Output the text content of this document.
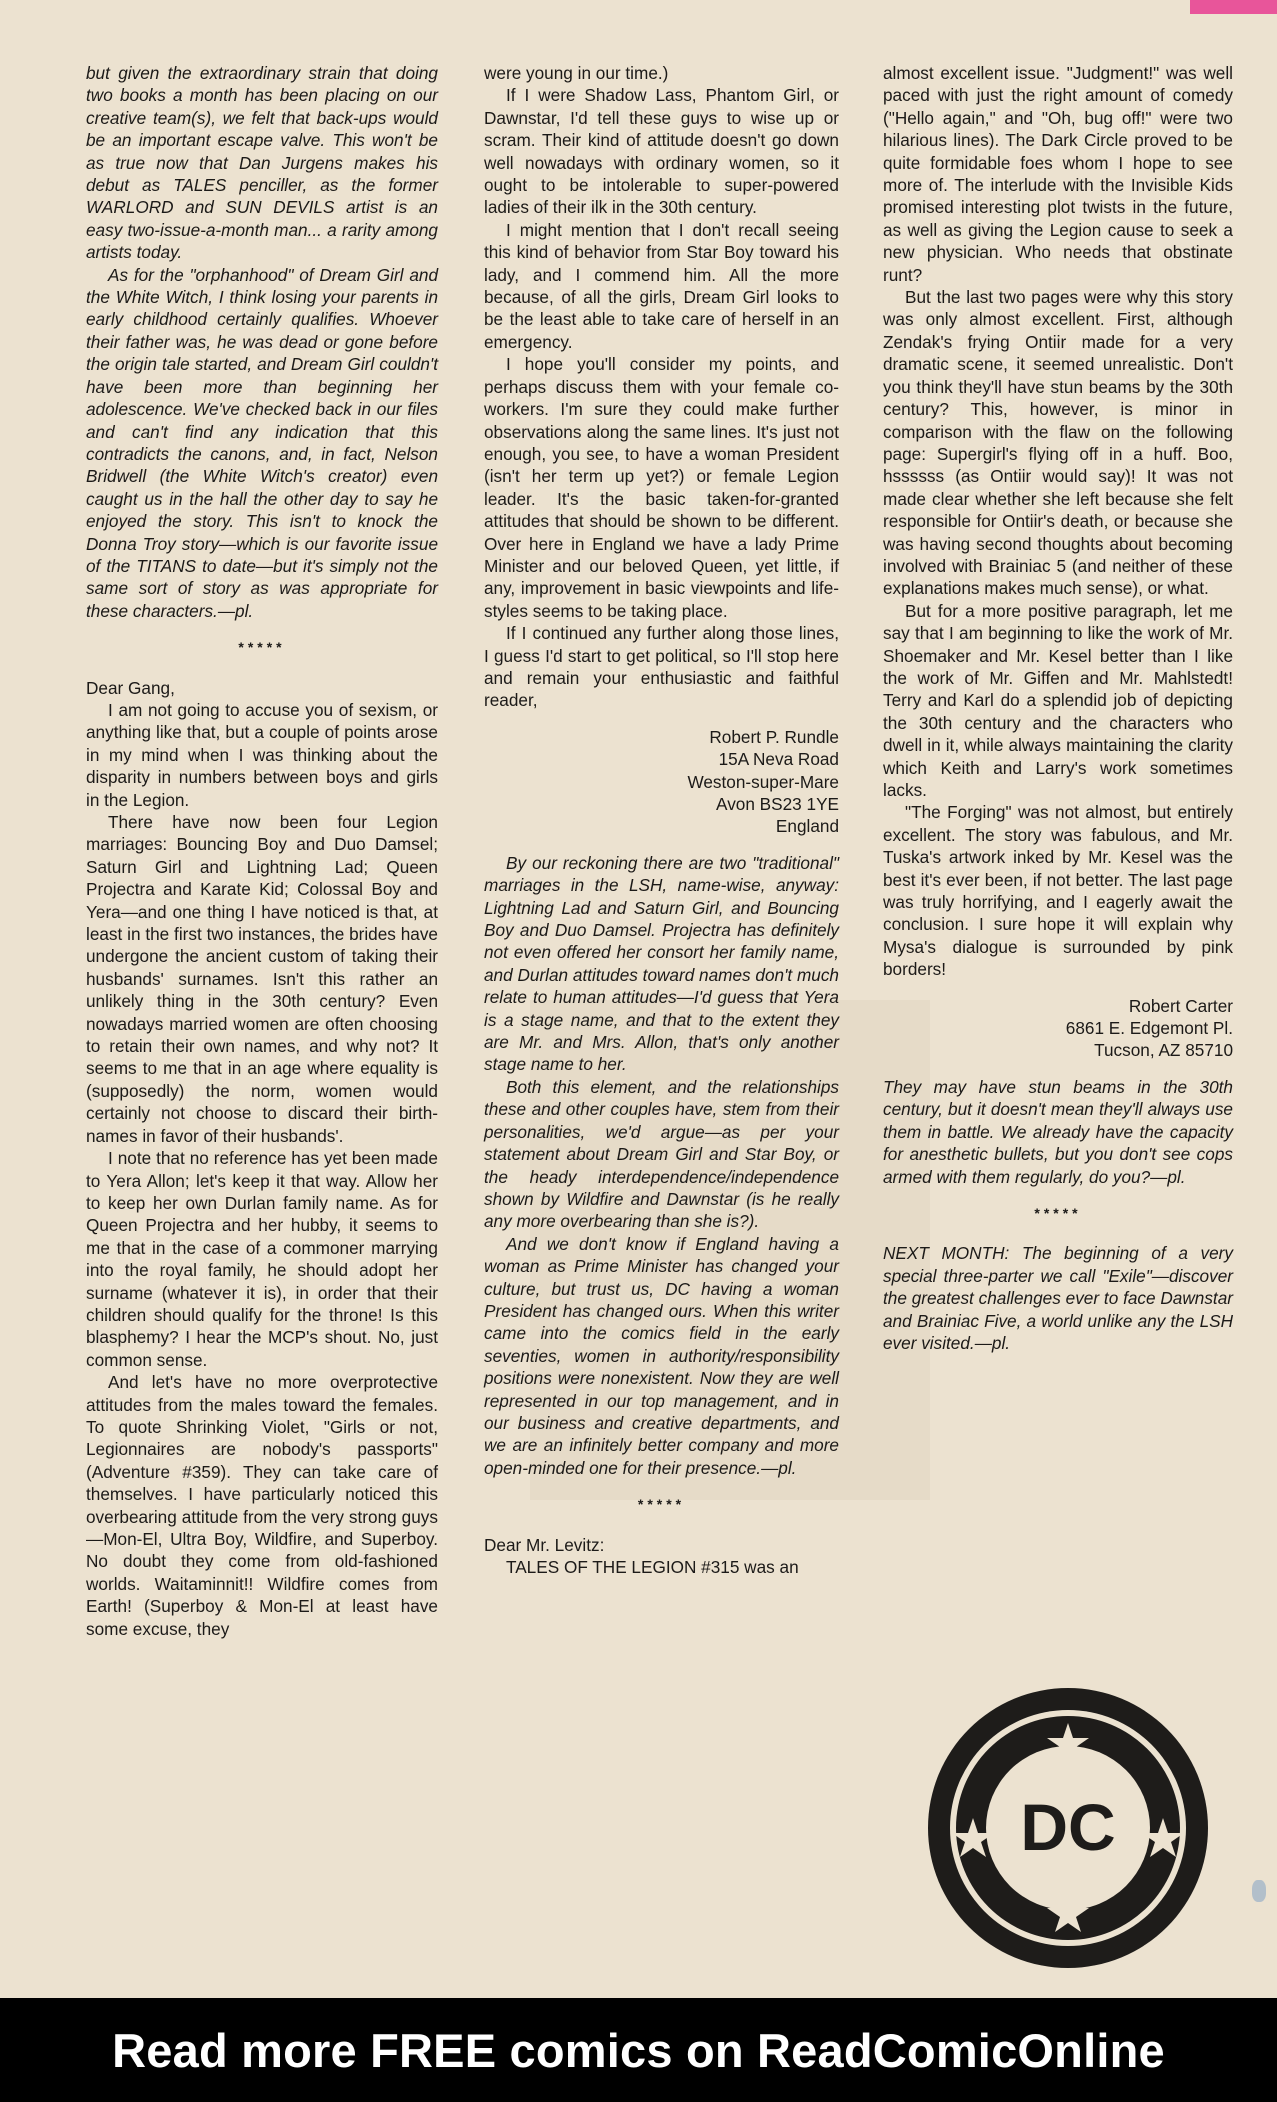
but given the extraordinary strain that doing two books a month has been placing on our creative team(s), we felt that back-ups would be an important escape valve. This won't be as true now that Dan Jurgens makes his debut as TALES penciller, as the former WARLORD and SUN DEVILS artist is an easy two-issue-a-month man... a rarity among artists today.

As for the "orphanhood" of Dream Girl and the White Witch, I think losing your parents in early childhood certainly qualifies. Whoever their father was, he was dead or gone before the origin tale started, and Dream Girl couldn't have been more than beginning her adolescence. We've checked back in our files and can't find any indication that this contradicts the canons, and, in fact, Nelson Bridwell (the White Witch's creator) even caught us in the hall the other day to say he enjoyed the story. This isn't to knock the Donna Troy story—which is our favorite issue of the TITANS to date—but it's simply not the same sort of story as was appropriate for these characters.—pl.

*****

Dear Gang,

I am not going to accuse you of sexism, or anything like that, but a couple of points arose in my mind when I was thinking about the disparity in numbers between boys and girls in the Legion.

There have now been four Legion marriages: Bouncing Boy and Duo Damsel; Saturn Girl and Lightning Lad; Queen Projectra and Karate Kid; Colossal Boy and Yera—and one thing I have noticed is that, at least in the first two instances, the brides have undergone the ancient custom of taking their husbands' surnames. Isn't this rather an unlikely thing in the 30th century? Even nowadays married women are often choosing to retain their own names, and why not? It seems to me that in an age where equality is (supposedly) the norm, women would certainly not choose to discard their birth-names in favor of their husbands'.

I note that no reference has yet been made to Yera Allon; let's keep it that way. Allow her to keep her own Durlan family name. As for Queen Projectra and her hubby, it seems to me that in the case of a commoner marrying into the royal family, he should adopt her surname (whatever it is), in order that their children should qualify for the throne! Is this blasphemy? I hear the MCP's shout. No, just common sense.

And let's have no more overprotective attitudes from the males toward the females. To quote Shrinking Violet, "Girls or not, Legionnaires are nobody's passports" (Adventure #359). They can take care of themselves. I have particularly noticed this overbearing attitude from the very strong guys—Mon-El, Ultra Boy, Wildfire, and Superboy. No doubt they come from old-fashioned worlds. Waitaminnit!! Wildfire comes from Earth! (Superboy & Mon-El at least have some excuse, they

were young in our time.)

If I were Shadow Lass, Phantom Girl, or Dawnstar, I'd tell these guys to wise up or scram. Their kind of attitude doesn't go down well nowadays with ordinary women, so it ought to be intolerable to super-powered ladies of their ilk in the 30th century.

I might mention that I don't recall seeing this kind of behavior from Star Boy toward his lady, and I commend him. All the more because, of all the girls, Dream Girl looks to be the least able to take care of herself in an emergency.

I hope you'll consider my points, and perhaps discuss them with your female co-workers. I'm sure they could make further observations along the same lines. It's just not enough, you see, to have a woman President (isn't her term up yet?) or female Legion leader. It's the basic taken-for-granted attitudes that should be shown to be different. Over here in England we have a lady Prime Minister and our beloved Queen, yet little, if any, improvement in basic viewpoints and life-styles seems to be taking place.

If I continued any further along those lines, I guess I'd start to get political, so I'll stop here and remain your enthusiastic and faithful reader,

Robert P. Rundle
15A Neva Road
Weston-super-Mare
Avon BS23 1YE
England

By our reckoning there are two "traditional" marriages in the LSH, name-wise, anyway: Lightning Lad and Saturn Girl, and Bouncing Boy and Duo Damsel. Projectra has definitely not even offered her consort her family name, and Durlan attitudes toward names don't much relate to human attitudes—I'd guess that Yera is a stage name, and that to the extent they are Mr. and Mrs. Allon, that's only another stage name to her.

Both this element, and the relationships these and other couples have, stem from their personalities, we'd argue—as per your statement about Dream Girl and Star Boy, or the heady interdependence/independence shown by Wildfire and Dawnstar (is he really any more overbearing than she is?).

And we don't know if England having a woman as Prime Minister has changed your culture, but trust us, DC having a woman President has changed ours. When this writer came into the comics field in the early seventies, women in authority/responsibility positions were nonexistent. Now they are well represented in our top management, and in our business and creative departments, and we are an infinitely better company and more open-minded one for their presence.—pl.

*****

Dear Mr. Levitz:

TALES OF THE LEGION #315 was an

almost excellent issue. "Judgment!" was well paced with just the right amount of comedy ("Hello again," and "Oh, bug off!" were two hilarious lines). The Dark Circle proved to be quite formidable foes whom I hope to see more of. The interlude with the Invisible Kids promised interesting plot twists in the future, as well as giving the Legion cause to seek a new physician. Who needs that obstinate runt?

But the last two pages were why this story was only almost excellent. First, although Zendak's frying Ontiir made for a very dramatic scene, it seemed unrealistic. Don't you think they'll have stun beams by the 30th century? This, however, is minor in comparison with the flaw on the following page: Supergirl's flying off in a huff. Boo, hssssss (as Ontiir would say)! It was not made clear whether she left because she felt responsible for Ontiir's death, or because she was having second thoughts about becoming involved with Brainiac 5 (and neither of these explanations makes much sense), or what.

But for a more positive paragraph, let me say that I am beginning to like the work of Mr. Shoemaker and Mr. Kesel better than I like the work of Mr. Giffen and Mr. Mahlstedt! Terry and Karl do a splendid job of depicting the 30th century and the characters who dwell in it, while always maintaining the clarity which Keith and Larry's work sometimes lacks.

"The Forging" was not almost, but entirely excellent. The story was fabulous, and Mr. Tuska's artwork inked by Mr. Kesel was the best it's ever been, if not better. The last page was truly horrifying, and I eagerly await the conclusion. I sure hope it will explain why Mysa's dialogue is surrounded by pink borders!

Robert Carter
6861 E. Edgemont Pl.
Tucson, AZ 85710

They may have stun beams in the 30th century, but it doesn't mean they'll always use them in battle. We already have the capacity for anesthetic bullets, but you don't see cops armed with them regularly, do you?—pl.

*****

NEXT MONTH: The beginning of a very special three-parter we call "Exile"—discover the greatest challenges ever to face Dawnstar and Brainiac Five, a world unlike any the LSH ever visited.—pl.

DC
Read more FREE comics on ReadComicOnline
